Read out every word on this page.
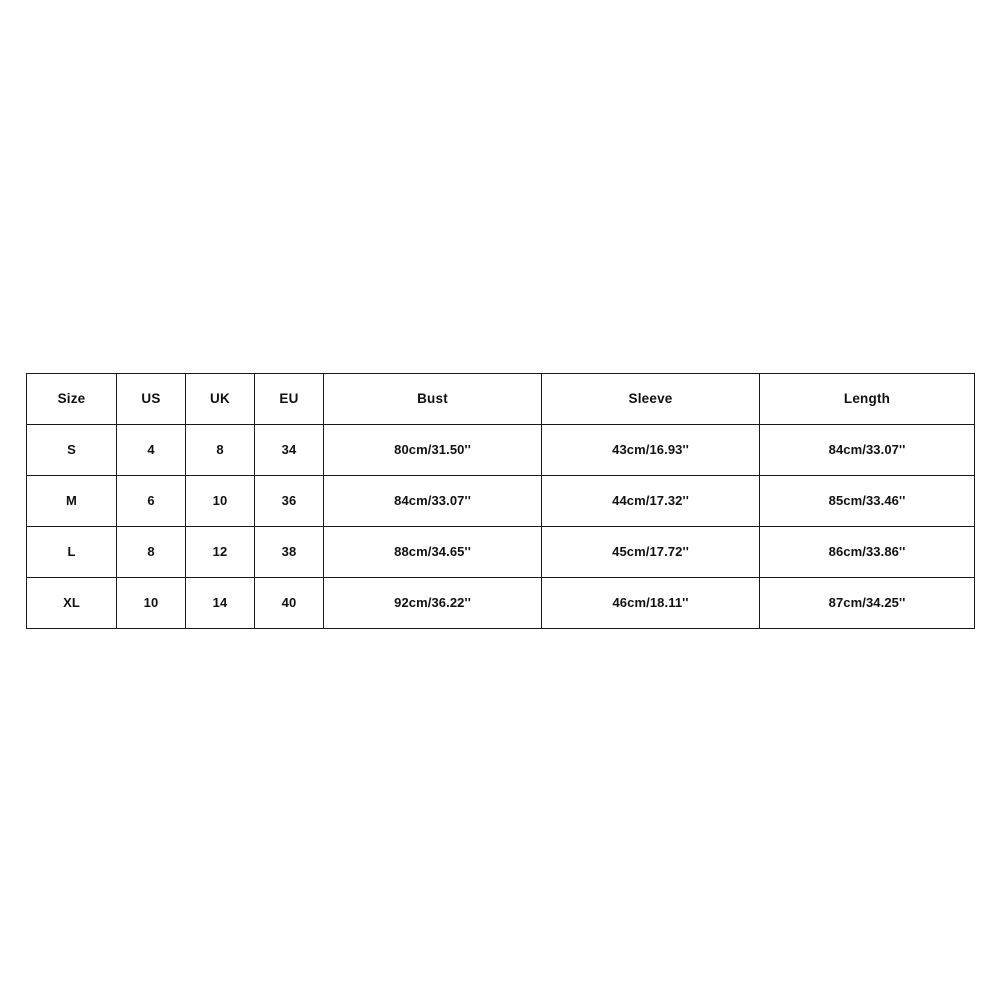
Size	US	UK	EU	Bust	Sleeve	Length
S	4	8	34	80cm/31.50''	43cm/16.93''	84cm/33.07''
M	6	10	36	84cm/33.07''	44cm/17.32''	85cm/33.46''
L	8	12	38	88cm/34.65''	45cm/17.72''	86cm/33.86''
XL	10	14	40	92cm/36.22''	46cm/18.11''	87cm/34.25''
